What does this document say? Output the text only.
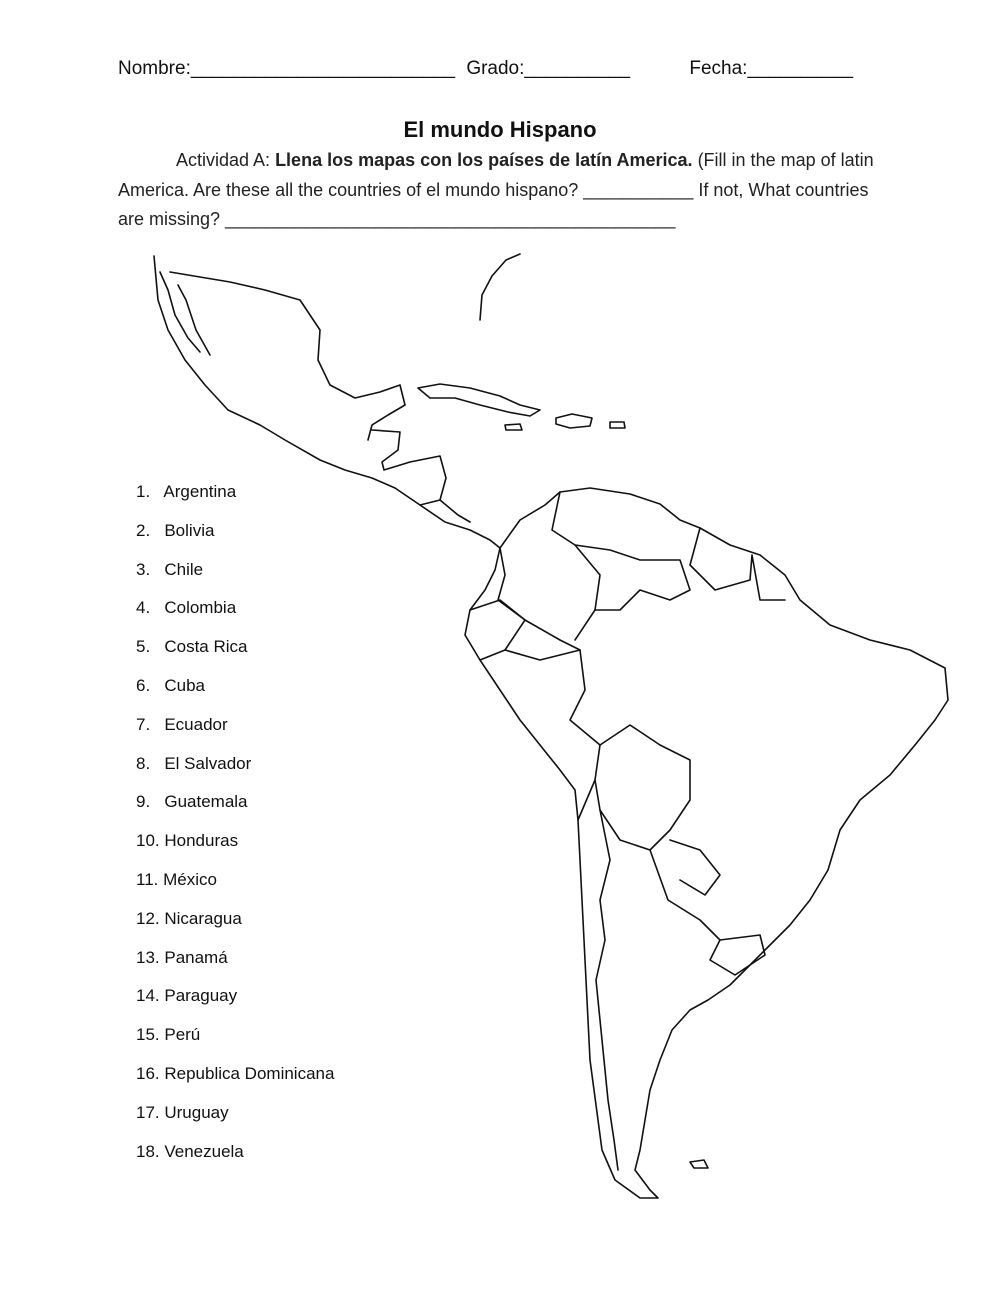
Nombre:_________________________ Grado:__________	Fecha:__________
El mundo Hispano
Actividad A: Llena los mapas con los países de latín America. (Fill in the map of latin America. Are these all the countries of el mundo hispano? ___________ If not, What countries are missing? _____________________________________________
1.   Argentina
2.   Bolivia
3.   Chile
4.   Colombia
5.   Costa Rica
6.   Cuba
7.   Ecuador
8.   El Salvador
9.   Guatemala
10. Honduras
11. México
12. Nicaragua
13. Panamá
14. Paraguay
15. Perú
16. Republica Dominicana
17. Uruguay
18. Venezuela
